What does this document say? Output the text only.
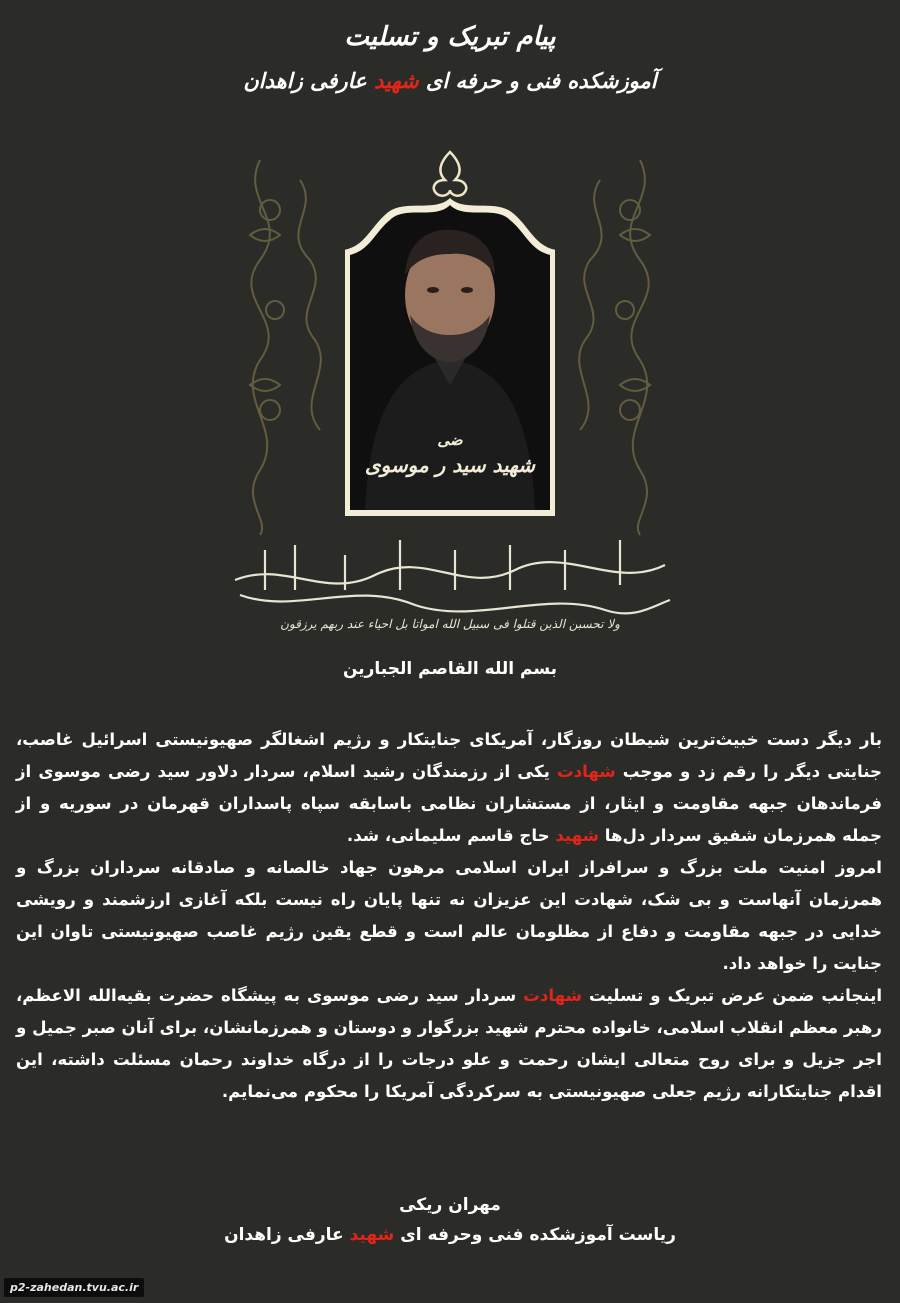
پیام تبریک و تسلیت
آموزشکده فنی و حرفه ای شهید عارفی زاهدان
ضی
شهید سید ر موسوی
ولا تحسبن الذین قتلوا فی سبیل الله امواتا بل احیاء عند ربهم یرزقون
بسم الله القاصم الجبارین

بار دیگر دست خبیث‌ترین شیطان روزگار، آمریکای جنایتکار و رژیم اشغالگر صهیونیستی اسرائیل غاصب، جنایتی دیگر را رقم زد و موجب شهادت یکی از رزمندگان رشید اسلام، سردار دلاور سید رضی موسوی از فرماندهان جبهه مقاومت و ایثار، از مستشاران نظامی باسابقه سپاه پاسداران قهرمان در سوریه و از جمله همرزمان شفیق سردار دل‌ها شهید حاج قاسم سلیمانی، شد.

امروز امنیت ملت بزرگ و سرافراز ایران اسلامی مرهون جهاد خالصانه و صادقانه سرداران بزرگ و همرزمان آنهاست و بی شک، شهادت این عزیزان نه تنها پایان راه نیست بلکه آغازی ارزشمند و رویشی خدایی در جبهه مقاومت و دفاع از مظلومان عالم است و قطع یقین رژیم غاصب صهیونیستی تاوان این جنایت را خواهد داد.

اینجانب ضمن عرض تبریک و تسلیت شهادت سردار سید رضی موسوی به پیشگاه حضرت بقیه‌الله الاعظم، رهبر معظم انقلاب اسلامی، خانواده محترم شهید بزرگوار و دوستان و همرزمانشان، برای آنان صبر جمیل و اجر جزیل و برای روح متعالی ایشان رحمت و علو درجات را از درگاه خداوند رحمان مسئلت داشته، این اقدام جنایتکارانه رژیم جعلی صهیونیستی به سرکردگی آمریکا را محکوم می‌نمایم.

مهران ریکی
ریاست آموزشکده فنی وحرفه ای شهید عارفی زاهدان
p2-zahedan.tvu.ac.ir
